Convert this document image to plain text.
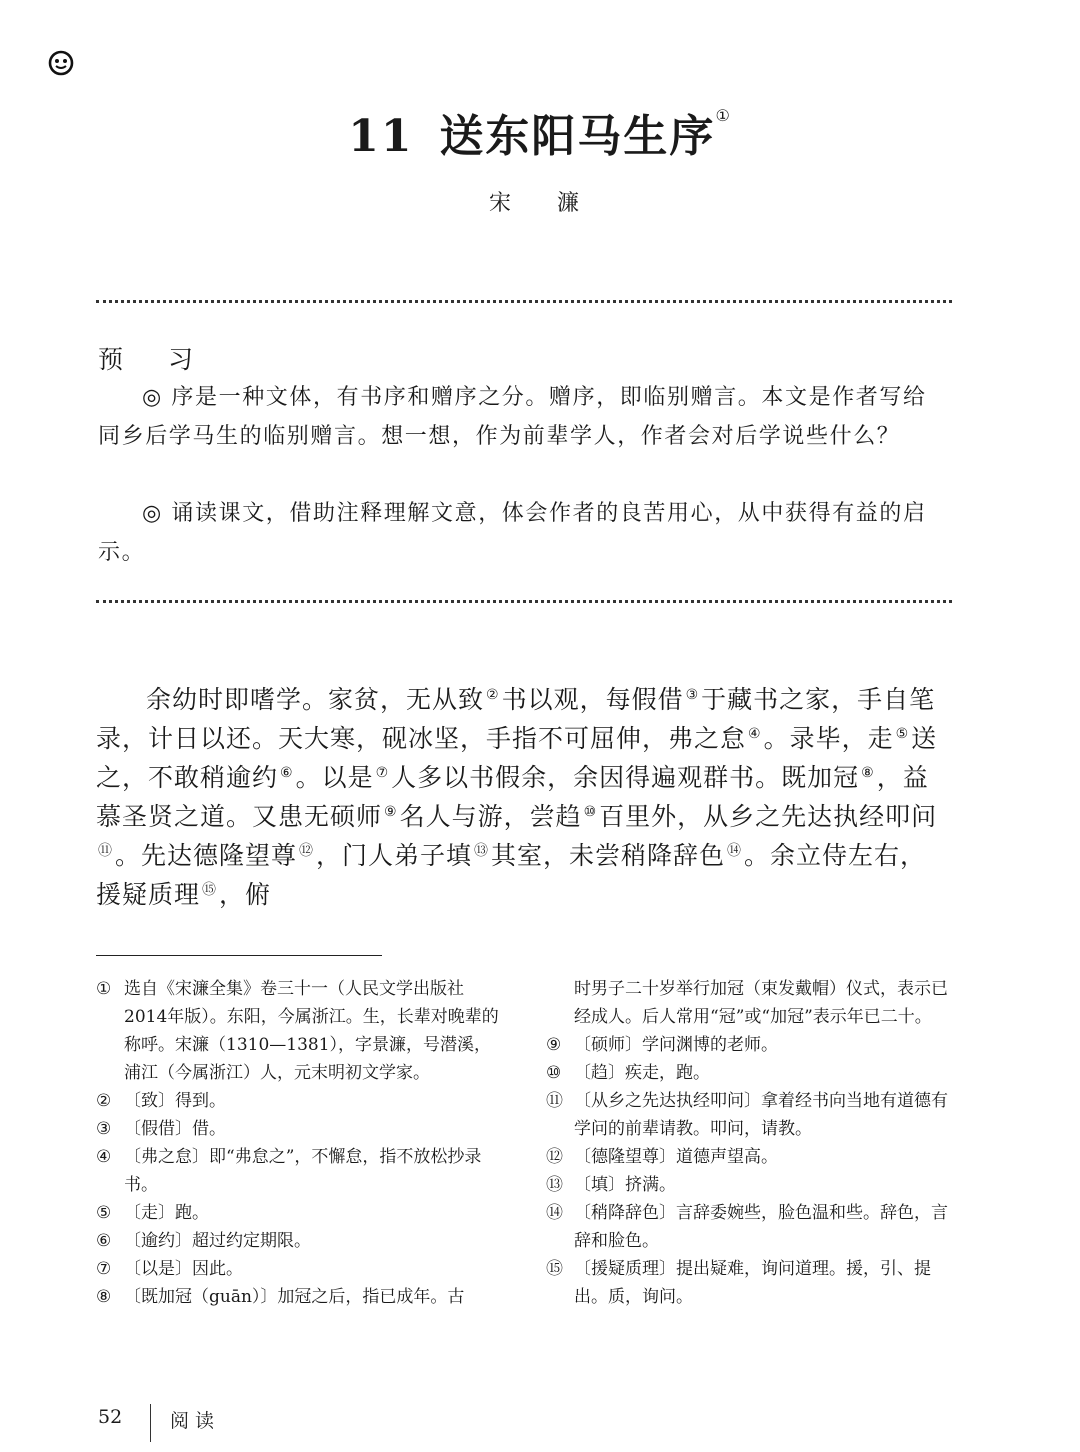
11 送东阳马生序①
宋　濂
预　习
◎ 序是一种文体，有书序和赠序之分。赠序，即临别赠言。本文是作者写给同乡后学马生的临别赠言。想一想，作为前辈学人，作者会对后学说些什么？
◎ 诵读课文，借助注释理解文意，体会作者的良苦用心，从中获得有益的启示。
余幼时即嗜学。家贫，无从致 ②书以观，每假借 ③于藏书之家，手自笔录，计日以还。天大寒，砚冰坚，手指不可屈伸，弗之怠 ④。录毕，走 ⑤送之，不敢稍逾约 ⑥。以是 ⑦人多以书假余，余因得遍观群书。既加冠 ⑧，益慕圣贤之道。又患无硕师 ⑨名人与游，尝趋 ⑩百里外，从乡之先达执经叩问⑪。先达德隆望尊 ⑫，门人弟子填 ⑬其室，未尝稍降辞色 ⑭。余立侍左右，援疑质理 ⑮，俯
① 选自《宋濂全集》卷三十一（人民文学出版社2014年版）。东阳，今属浙江。生，长辈对晚辈的称呼。宋濂（1310—1381），字景濂，号潜溪，浦江（今属浙江）人，元末明初文学家。
② 〔致〕得到。
③ 〔假借〕借。
④ 〔弗之怠〕即“弗怠之”，不懈怠，指不放松抄录书。
⑤ 〔走〕跑。
⑥ 〔逾约〕超过约定期限。
⑦ 〔以是〕因此。
⑧ 〔既加冠（guān）〕加冠之后，指已成年。古
时男子二十岁举行加冠（束发戴帽）仪式，表示已经成人。后人常用“冠”或“加冠”表示年已二十。
⑨ 〔硕师〕学问渊博的老师。
⑩ 〔趋〕疾走，跑。
⑪ 〔从乡之先达执经叩问〕拿着经书向当地有道德有学问的前辈请教。叩问，请教。
⑫ 〔德隆望尊〕道德声望高。
⑬ 〔填〕挤满。
⑭ 〔稍降辞色〕言辞委婉些，脸色温和些。辞色，言辞和脸色。
⑮ 〔援疑质理〕提出疑难，询问道理。援，引、提出。质，询问。
52	阅读
